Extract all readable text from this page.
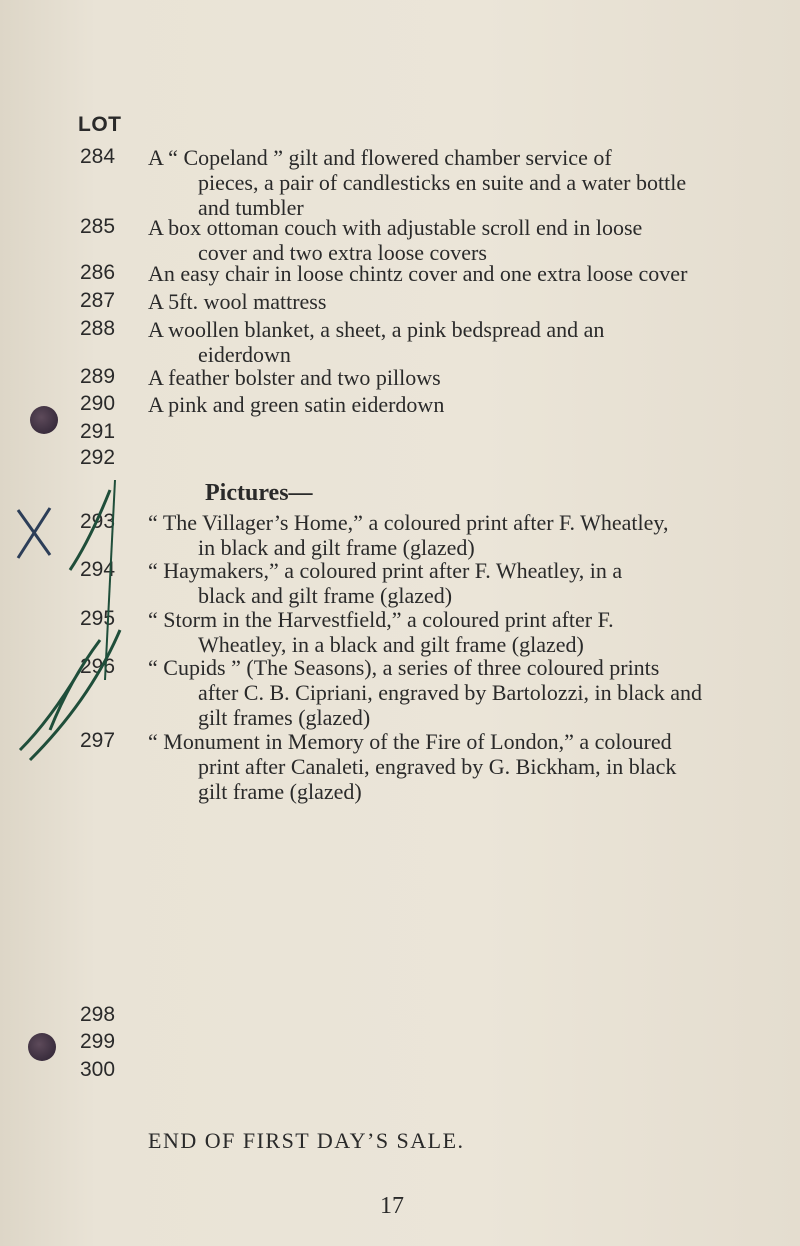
LOT
284	A “ Copeland ” gilt and flowered chamber service of
pieces, a pair of candlesticks en suite and a water bottle
and tumbler
285	A box ottoman couch with adjustable scroll end in loose
cover and two extra loose covers
286	An easy chair in loose chintz cover and one extra loose cover
287	A 5ft. wool mattress
288	A woollen blanket, a sheet, a pink bedspread and an
eiderdown
289	A feather bolster and two pillows
290	A pink and green satin eiderdown
291
292
Pictures—
293	“ The Villager’s Home,” a coloured print after F. Wheatley,
in black and gilt frame (glazed)
294	“ Haymakers,” a coloured print after F. Wheatley, in a
black and gilt frame (glazed)
295	“ Storm in the Harvestfield,” a coloured print after F.
Wheatley, in a black and gilt frame (glazed)
296	“ Cupids ” (The Seasons), a series of three coloured prints
after C. B. Cipriani, engraved by Bartolozzi, in black and
gilt frames (glazed)
297	“ Monument in Memory of the Fire of London,” a coloured
print after Canaleti, engraved by G. Bickham, in black
gilt frame (glazed)
298
299
300
END OF FIRST DAY’S SALE.
17
